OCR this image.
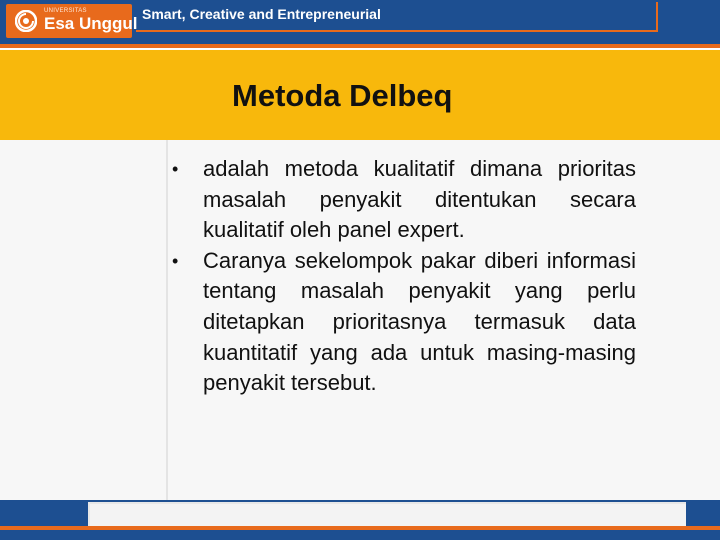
UNIVERSITAS
Esa Unggul Smart, Creative and Entrepreneurial
Metoda Delbeq
• adalah metoda kualitatif dimana prioritas masalah penyakit ditentukan secara kualitatif oleh panel expert.
• Caranya sekelompok pakar diberi informasi tentang masalah penyakit yang perlu ditetapkan prioritasnya termasuk data kuantitatif yang ada untuk masing-masing penyakit tersebut.
